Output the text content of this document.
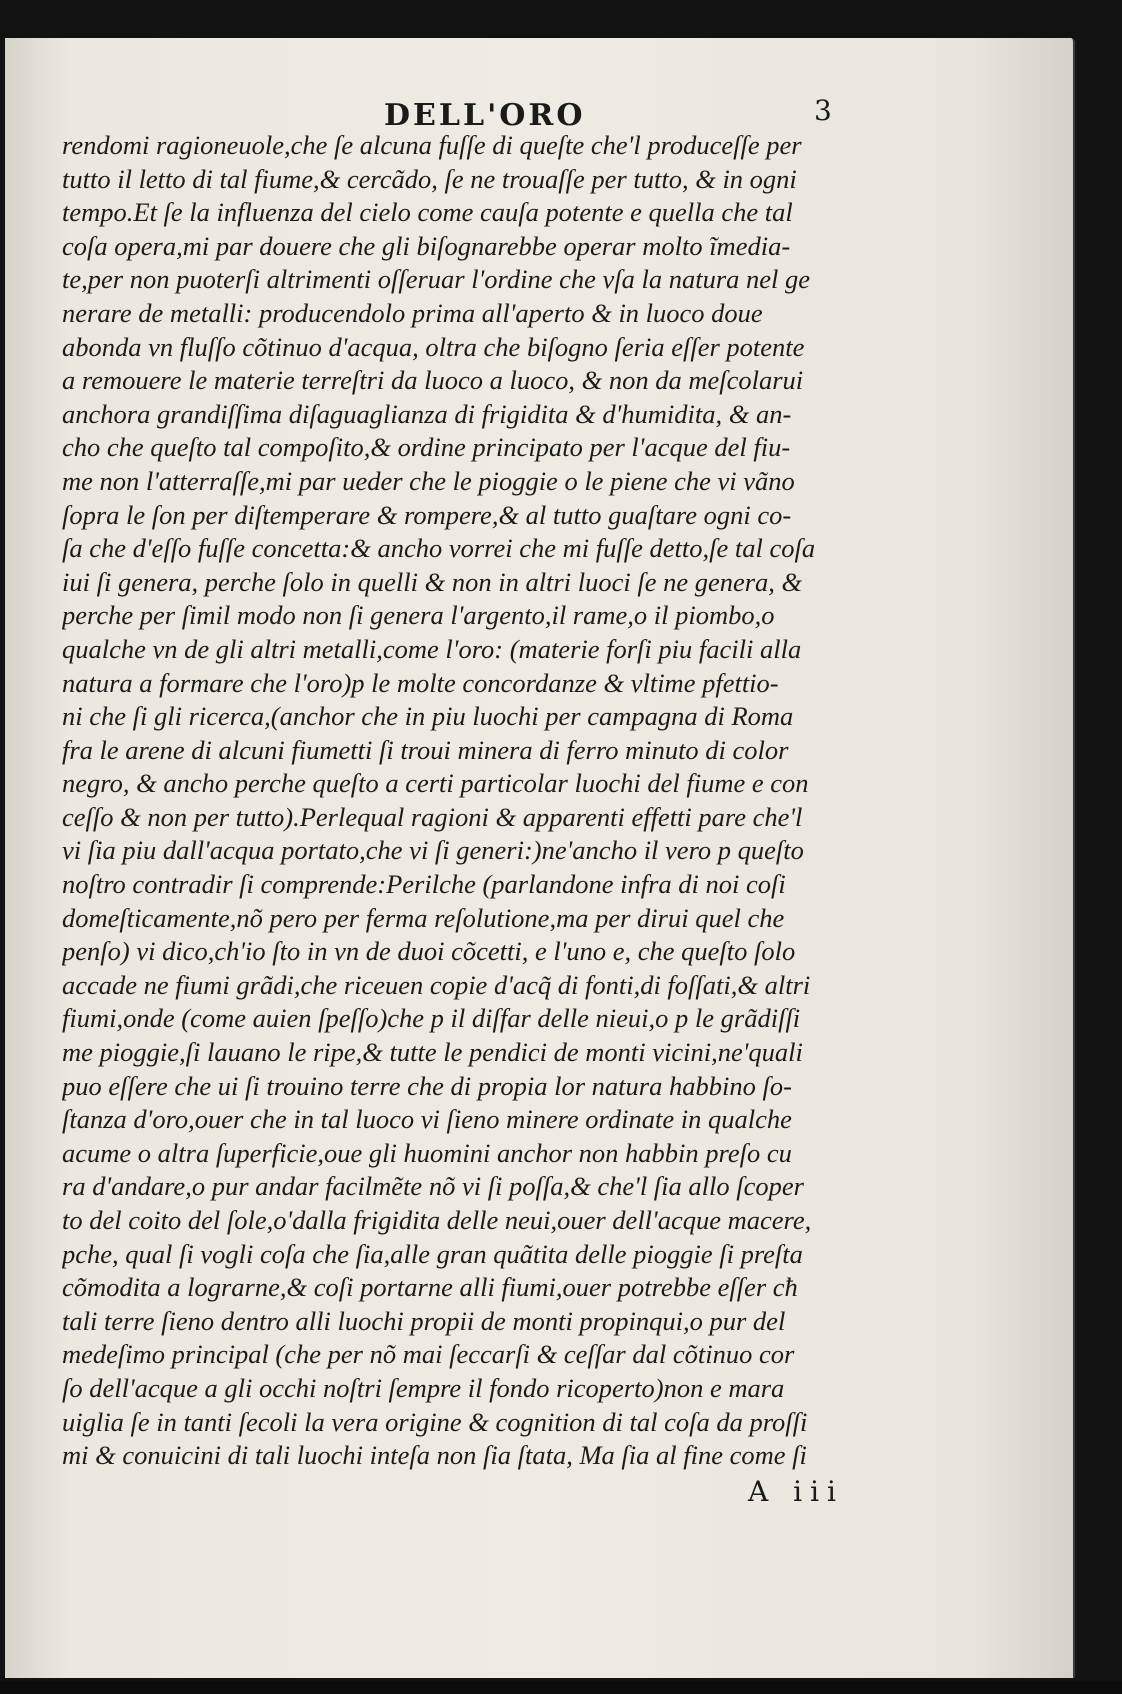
DELL'ORO	3
rendomi ragioneuole,che ſe alcuna fuſſe di queſte che'l produceſſe per
tutto il letto di tal fiume,& cercãdo, ſe ne trouaſſe per tutto, & in ogni
tempo.Et ſe la influenza del cielo come cauſa potente e quella che tal
coſa opera,mi par douere che gli biſognarebbe operar molto ĩmedia-
te,per non puoterſi altrimenti oſſeruar l'ordine che vſa la natura nel ge
nerare de metalli: producendolo prima all'aperto & in luoco doue
abonda vn fluſſo cõtinuo d'acqua, oltra che biſogno ſeria eſſer potente
a remouere le materie terreſtri da luoco a luoco, & non da meſcolarui
anchora grandiſſima diſaguaglianza di frigidita & d'humidita, & an-
cho che queſto tal compoſito,& ordine principato per l'acque del fiu-
me non l'atterraſſe,mi par ueder che le pioggie o le piene che vi vãno
ſopra le ſon per diſtemperare & rompere,& al tutto guaſtare ogni co-
ſa che d'eſſo fuſſe concetta:& ancho vorrei che mi fuſſe detto,ſe tal coſa
iui ſi genera, perche ſolo in quelli & non in altri luoci ſe ne genera, &
perche per ſimil modo non ſi genera l'argento,il rame,o il piombo,o
qualche vn de gli altri metalli,come l'oro: (materie forſi piu facili alla
natura a formare che l'oro)p le molte concordanze & vltime pfettio-
ni che ſi gli ricerca,(anchor che in piu luochi per campagna di Roma
fra le arene di alcuni fiumetti ſi troui minera di ferro minuto di color
negro, & ancho perche queſto a certi particolar luochi del fiume e con
ceſſo & non per tutto).Perlequal ragioni & apparenti effetti pare che'l
vi ſia piu dall'acqua portato,che vi ſi generi:)ne'ancho il vero p queſto
noſtro contradir ſi comprende:Perilche (parlandone infra di noi coſi
domeſticamente,nõ pero per ferma reſolutione,ma per dirui quel che
penſo) vi dico,ch'io ſto in vn de duoi cõcetti, e l'uno e, che queſto ſolo
accade ne fiumi grãdi,che riceuen copie d'acq̃ di fonti,di foſſati,& altri
fiumi,onde (come auien ſpeſſo)che p il diſfar delle nieui,o p le grãdiſſi
me pioggie,ſi lauano le ripe,& tutte le pendici de monti vicini,ne'quali
puo eſſere che ui ſi trouino terre che di propia lor natura habbino ſo-
ſtanza d'oro,ouer che in tal luoco vi ſieno minere ordinate in qualche
acume o altra ſuperficie,oue gli huomini anchor non habbin preſo cu
ra d'andare,o pur andar facilmẽte nõ vi ſi poſſa,& che'l ſia allo ſcoper
to del coito del ſole,o'dalla frigidita delle neui,ouer dell'acque macere,
pche, qual ſi vogli coſa che ſia,alle gran quãtita delle pioggie ſi preſta
cõmodita a lograrne,& coſi portarne alli fiumi,ouer potrebbe eſſer cħ
tali terre ſieno dentro alli luochi propii de monti propinqui,o pur del
medeſimo principal (che per nõ mai ſeccarſi & ceſſar dal cõtinuo cor
ſo dell'acque a gli occhi noſtri ſempre il fondo ricoperto)non e mara
uiglia ſe in tanti ſecoli la vera origine & cognition di tal coſa da proſſi
mi & conuicini di tali luochi inteſa non ſia ſtata, Ma ſia al fine come ſi
A iii
